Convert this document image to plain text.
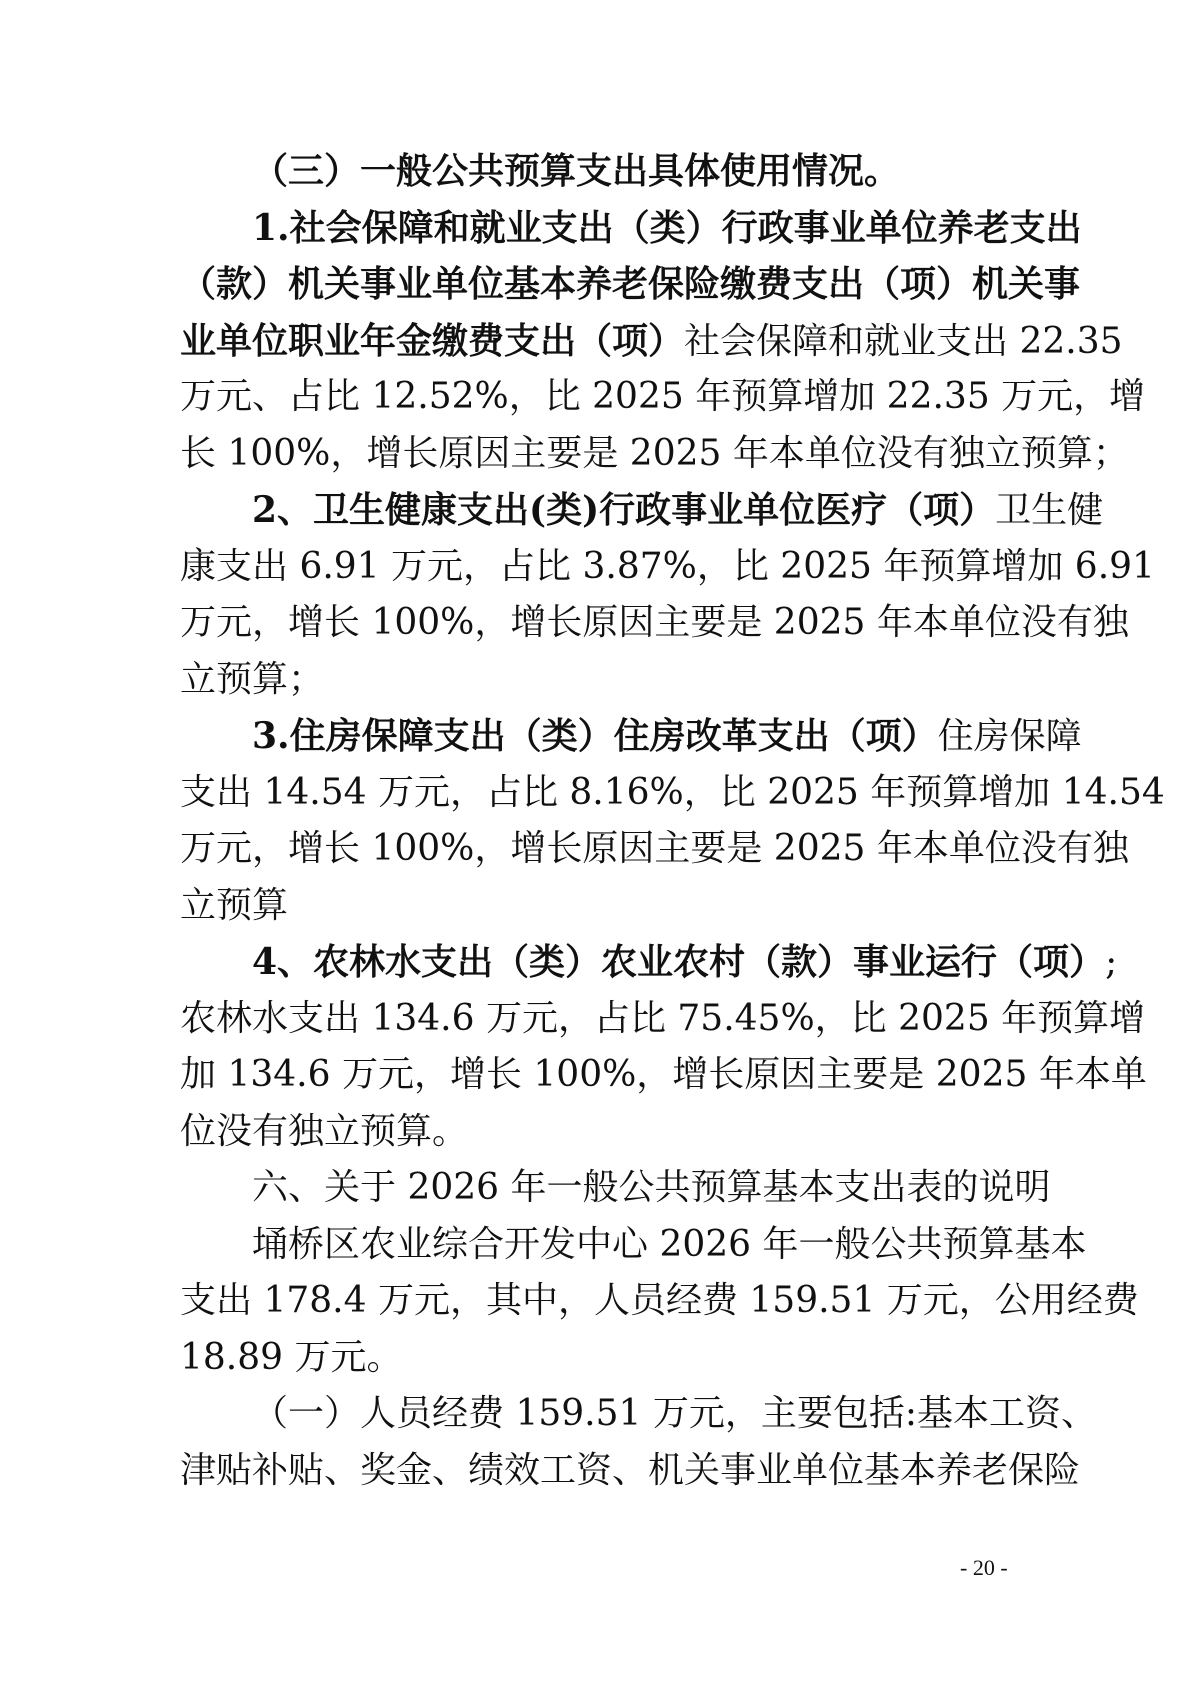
（三）一般公共预算支出具体使用情况。
1.社会保障和就业支出（类）行政事业单位养老支出
（款）机关事业单位基本养老保险缴费支出（项）机关事
业单位职业年金缴费支出（项）社会保障和就业支出 22.35
万元、占比 12.52%，比 2025 年预算增加 22.35 万元，增
长 100%，增长原因主要是 2025 年本单位没有独立预算；
2、卫生健康支出(类)行政事业单位医疗（项）卫生健
康支出 6.91 万元，占比 3.87%，比 2025 年预算增加 6.91
万元，增长 100%，增长原因主要是 2025 年本单位没有独
立预算；
3.住房保障支出（类）住房改革支出（项）住房保障
支出 14.54 万元，占比 8.16%，比 2025 年预算增加 14.54
万元，增长 100%，增长原因主要是 2025 年本单位没有独
立预算
4、农林水支出（类）农业农村（款）事业运行（项）;
农林水支出 134.6 万元，占比 75.45%，比 2025 年预算增
加 134.6 万元，增长 100%，增长原因主要是 2025 年本单
位没有独立预算。
六、关于 2026 年一般公共预算基本支出表的说明
埇桥区农业综合开发中心 2026 年一般公共预算基本
支出 178.4 万元，其中，人员经费 159.51 万元，公用经费
18.89 万元。
（一）人员经费 159.51 万元，主要包括:基本工资、
津贴补贴、奖金、绩效工资、机关事业单位基本养老保险
- 20 -
